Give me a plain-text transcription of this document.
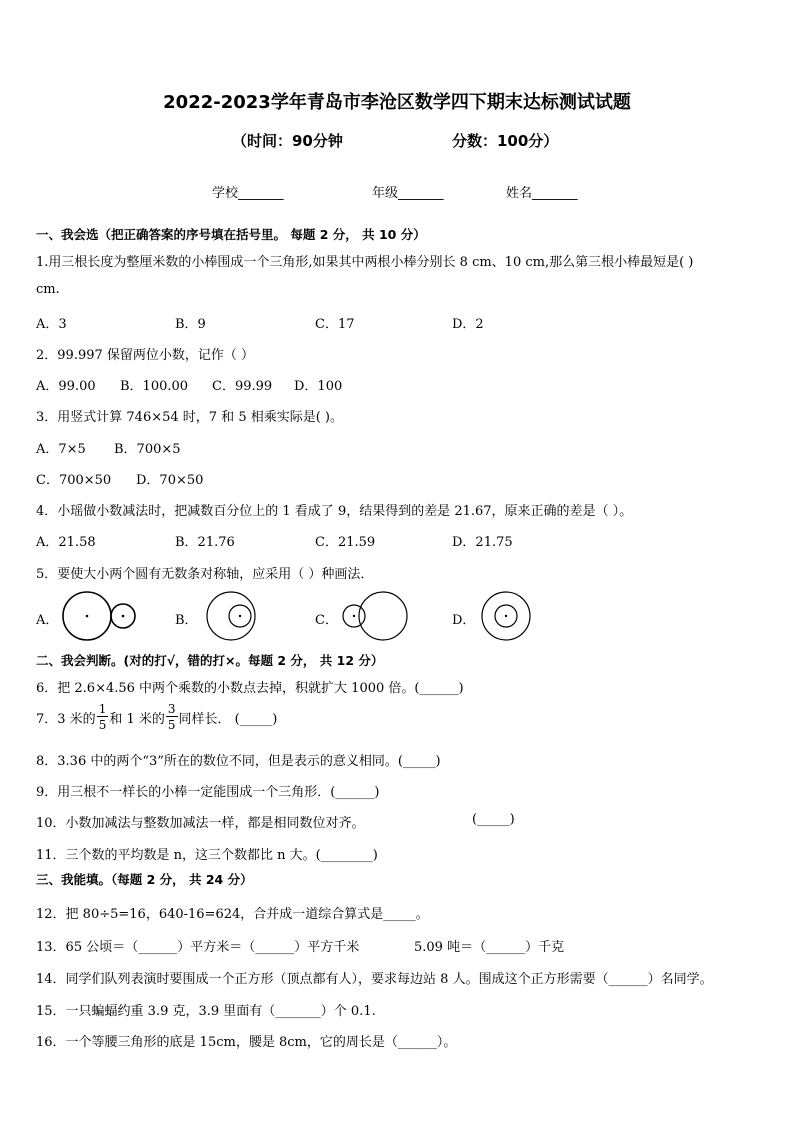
2022-2023学年青岛市李沧区数学四下期末达标测试试题
（时间：90分钟	分数：100分）
学校_______	年级_______	姓名_______
一、我会选（把正确答案的序号填在括号里。 每题 2 分， 共 10 分）
1.用三根长度为整厘米数的小棒围成一个三角形,如果其中两根小棒分别长 8 cm、10 cm,那么第三根小棒最短是( )
cm.
A．3	B．9	C．17	D．2
2．99.997 保留两位小数，记作（ ）
A．99.00 B．100.00 C．99.99 D．100
3．用竖式计算 746×54 时，7 和 5 相乘实际是( )。
A．7×5 B．700×5
C．700×50 D．70×50
4．小瑶做小数减法时，把减数百分位上的 1 看成了 9，结果得到的差是 21.67，原来正确的差是（ ）。
A．21.58	B．21.76	C．21.59	D．21.75
5．要使大小两个圆有无数条对称轴，应采用（ ）种画法．
A．	B．	C．	D．
二、我会判断。(对的打√，错的打×。每题 2 分， 共 12 分）
6．把 2.6×4.56 中两个乘数的小数点去掉，积就扩大 1000 倍。(______)
7．3 米的 $\frac{1}{5}$ 和 1 米的 $\frac{3}{5}$ 同样长． (_____)
8．3.36 中的两个“3”所在的数位不同，但是表示的意义相同。(_____)
9．用三根不一样长的小棒一定能围成一个三角形．(______)
10．小数加减法与整数加减法一样，都是相同数位对齐。	(_____)
11．三个数的平均数是 n，这三个数都比 n 大。(________)
三、我能填。（每题 2 分， 共 24 分）
12．把 80÷5=16，640-16=624，合并成一道综合算式是_____。
13．65 公顷＝（______）平方米＝（______）平方千米	5.09 吨＝（______）千克
14．同学们队列表演时要围成一个正方形（顶点都有人），要求每边站 8 人。围成这个正方形需要（______）名同学。
15．一只蝙蝠约重 3.9 克，3.9 里面有（_______）个 0.1.
16．一个等腰三角形的底是 15cm，腰是 8cm，它的周长是（______）。
